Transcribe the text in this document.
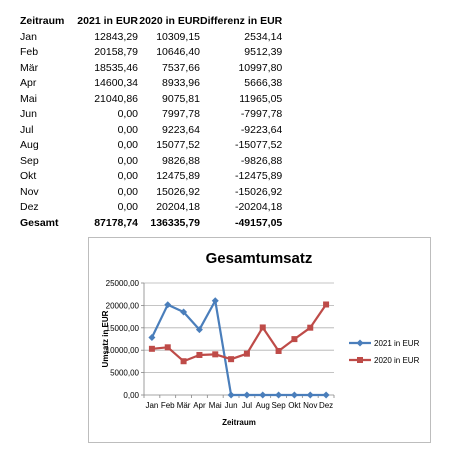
Zeitraum	2021 in EUR	2020 in EUR	Differenz in EUR
Jan	12843,29	10309,15	2534,14
Feb	20158,79	10646,40	9512,39
Mär	18535,46	7537,66	10997,80
Apr	14600,34	8933,96	5666,38
Mai	21040,86	9075,81	11965,05
Jun	0,00	7997,78	-7997,78
Jul	0,00	9223,64	-9223,64
Aug	0,00	15077,52	-15077,52
Sep	0,00	9826,88	-9826,88
Okt	0,00	12475,89	-12475,89
Nov	0,00	15026,92	-15026,92
Dez	0,00	20204,18	-20204,18
Gesamt	87178,74	136335,79	-49157,05
Gesamtumsatz
0,00
5000,00
10000,00
15000,00
20000,00
25000,00
Jan Feb Mär Apr Mai Jun Jul Aug Sep Okt Nov Dez
Zeitraum
Umsatz in EUR	2021 in EUR
2020 in EUR
